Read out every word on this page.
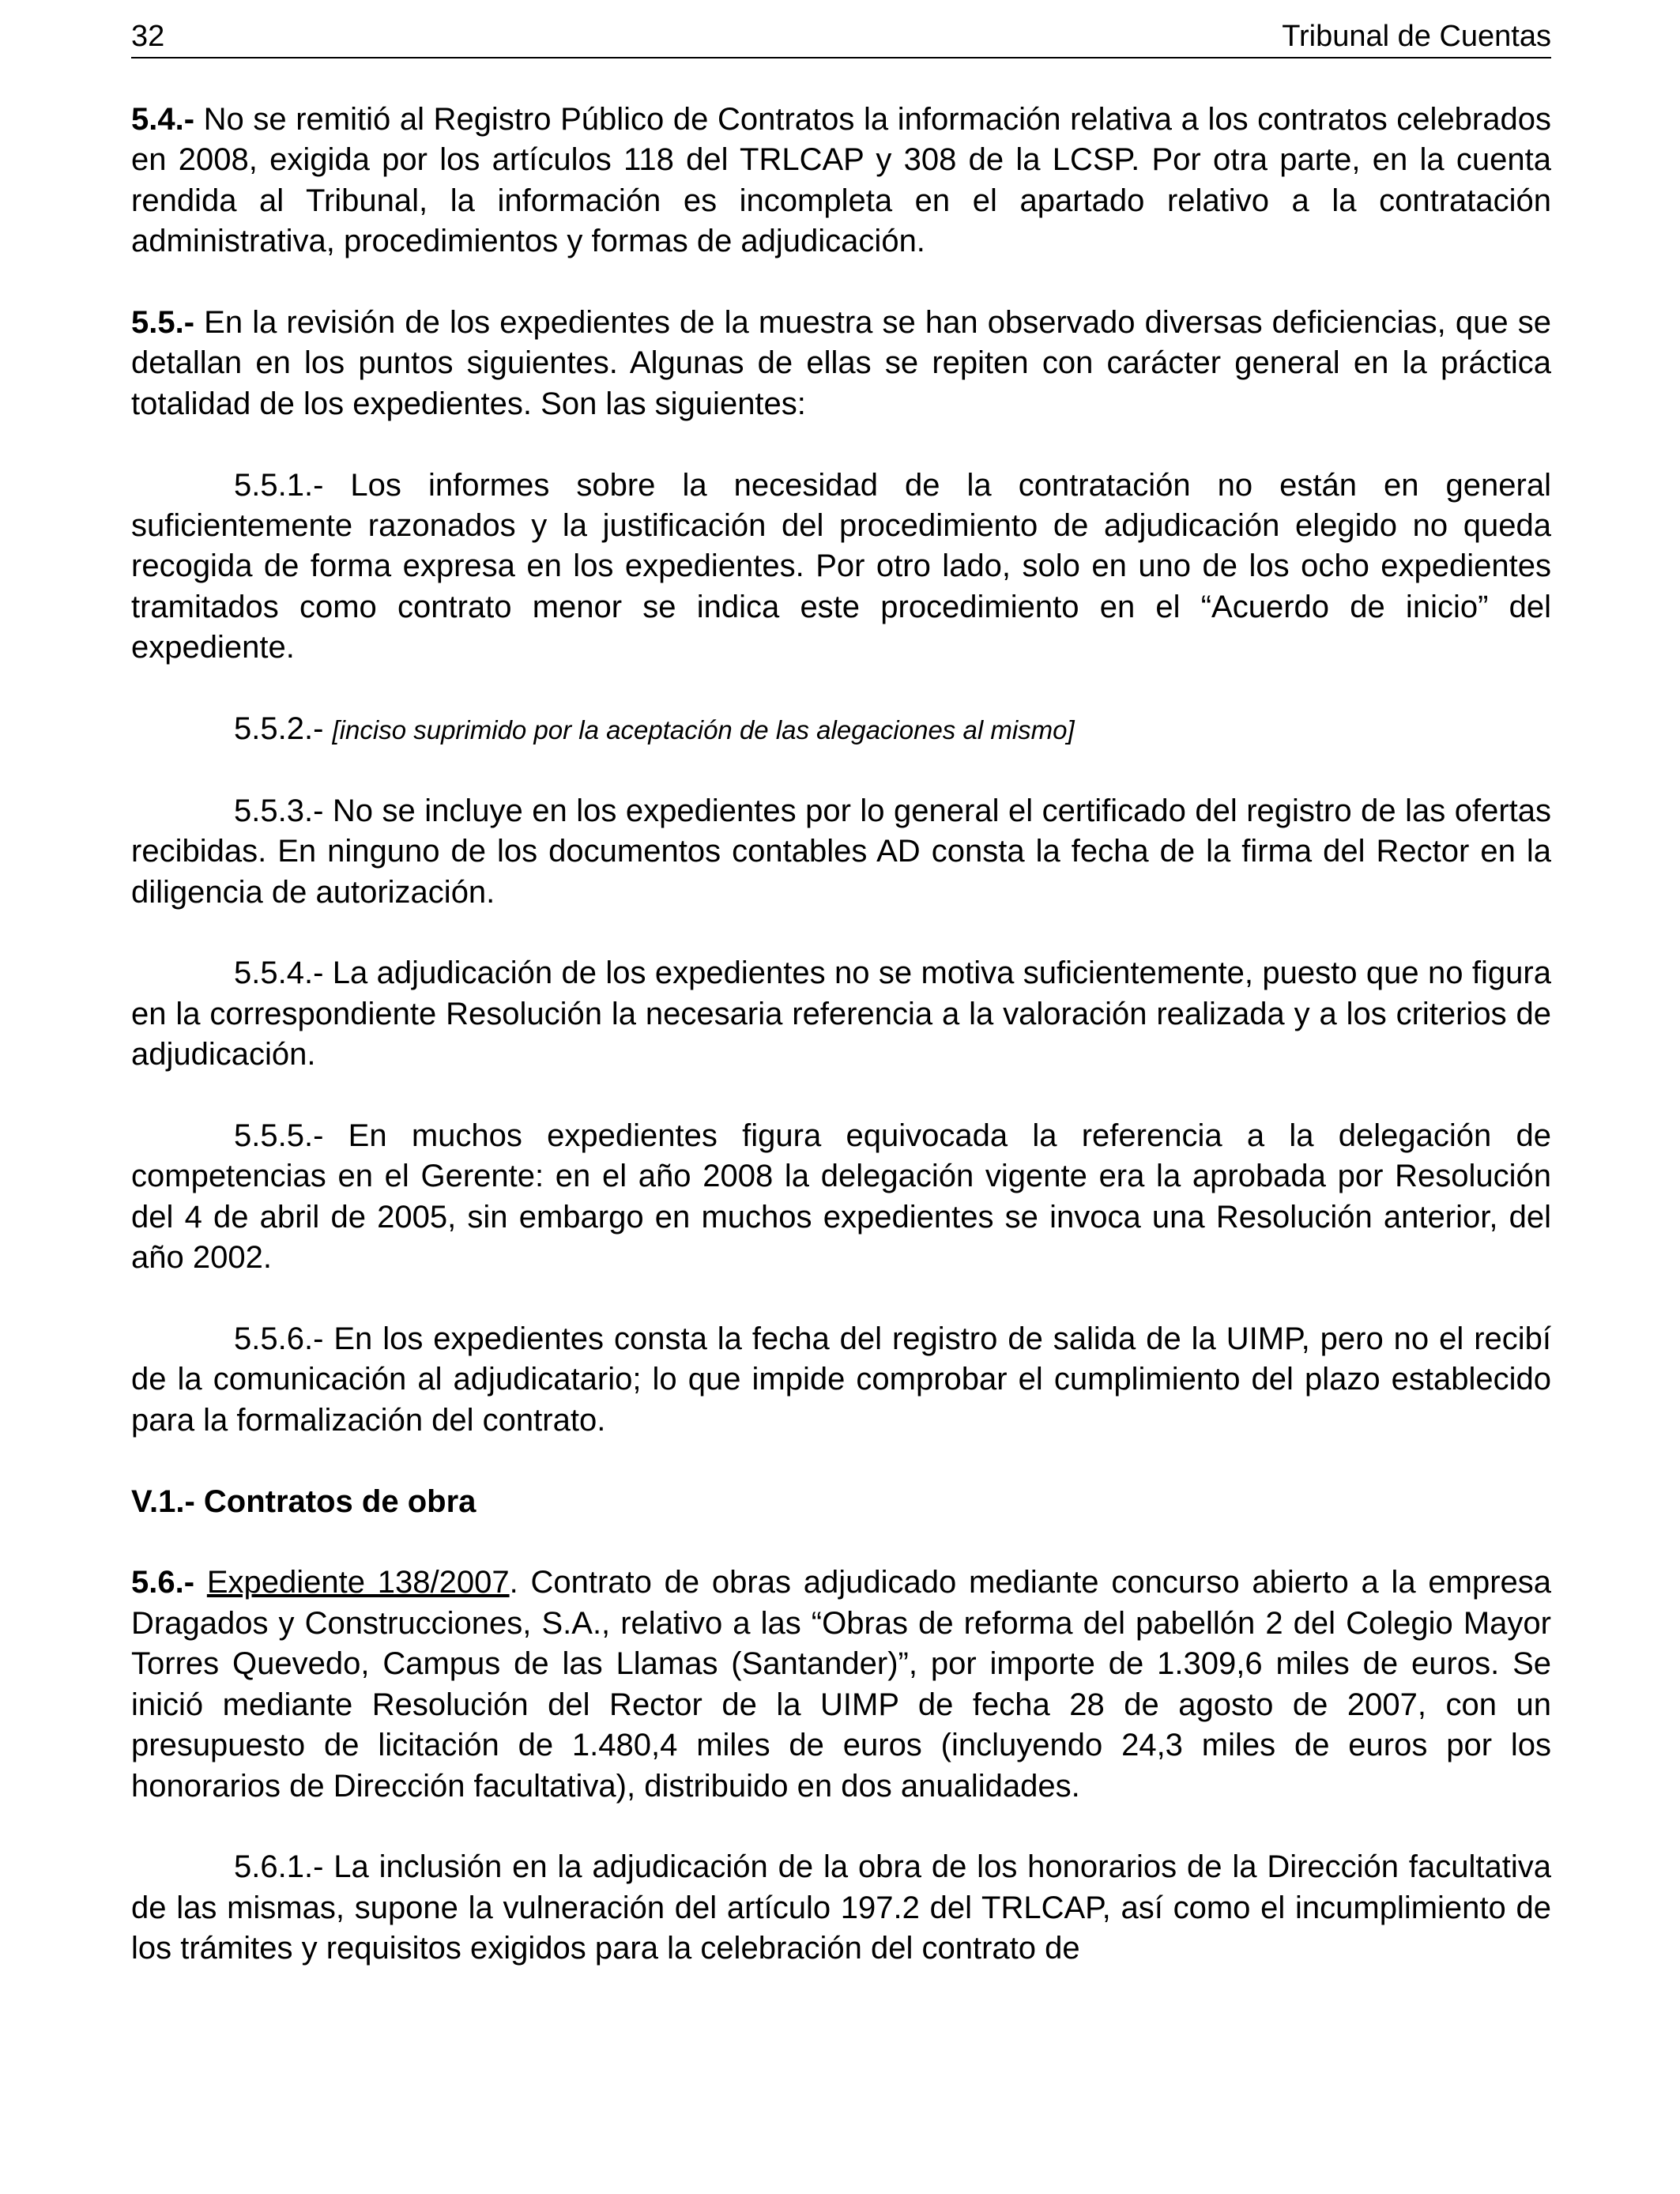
32	Tribunal de Cuentas

5.4.- No se remitió al Registro Público de Contratos la información relativa a los contratos celebrados en 2008, exigida por los artículos 118 del TRLCAP y 308 de la LCSP. Por otra parte, en la cuenta rendida al Tribunal, la información es incompleta en el apartado relativo a la contratación administrativa, procedimientos y formas de adjudicación.

5.5.- En la revisión de los expedientes de la muestra se han observado diversas deficiencias, que se detallan en los puntos siguientes. Algunas de ellas se repiten con carácter general en la práctica totalidad de los expedientes. Son las siguientes:

5.5.1.- Los informes sobre la necesidad de la contratación no están en general suficientemente razonados y la justificación del procedimiento de adjudicación elegido no queda recogida de forma expresa en los expedientes. Por otro lado, solo en uno de los ocho expedientes tramitados como contrato menor se indica este procedimiento en el “Acuerdo de inicio” del expediente.

5.5.2.- [inciso suprimido por la aceptación de las alegaciones al mismo]

5.5.3.- No se incluye en los expedientes por lo general el certificado del registro de las ofertas recibidas. En ninguno de los documentos contables AD consta la fecha de la firma del Rector en la diligencia de autorización.

5.5.4.- La adjudicación de los expedientes no se motiva suficientemente, puesto que no figura en la correspondiente Resolución la necesaria referencia a la valoración realizada y a los criterios de adjudicación.

5.5.5.- En muchos expedientes figura equivocada la referencia a la delegación de competencias en el Gerente: en el año 2008 la delegación vigente era la aprobada por Resolución del 4 de abril de 2005, sin embargo en muchos expedientes se invoca una Resolución anterior, del año 2002.

5.5.6.- En los expedientes consta la fecha del registro de salida de la UIMP, pero no el recibí de la comunicación al adjudicatario; lo que impide comprobar el cumplimiento del plazo establecido para la formalización del contrato.

V.1.- Contratos de obra

5.6.- Expediente 138/2007. Contrato de obras adjudicado mediante concurso abierto a la empresa Dragados y Construcciones, S.A., relativo a las “Obras de reforma del pabellón 2 del Colegio Mayor Torres Quevedo, Campus de las Llamas (Santander)”, por importe de 1.309,6 miles de euros. Se inició mediante Resolución del Rector de la UIMP de fecha 28 de agosto de 2007, con un presupuesto de licitación de 1.480,4 miles de euros (incluyendo 24,3 miles de euros por los honorarios de Dirección facultativa), distribuido en dos anualidades.

5.6.1.- La inclusión en la adjudicación de la obra de los honorarios de la Dirección facultativa de las mismas, supone la vulneración del artículo 197.2 del TRLCAP, así como el incumplimiento de los trámites y requisitos exigidos para la celebración del contrato de
